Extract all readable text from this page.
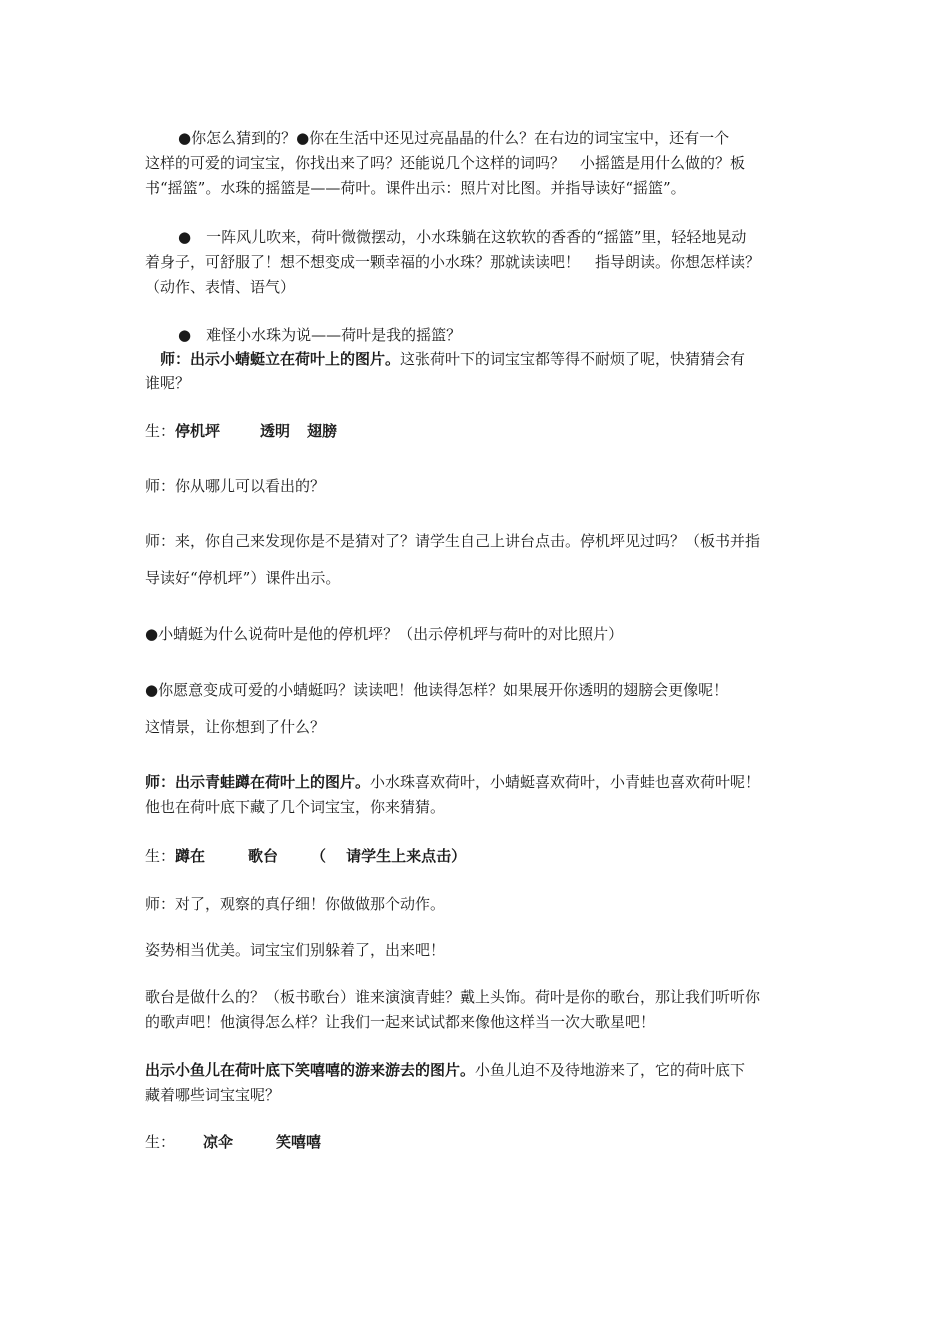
●你怎么猜到的？●你在生活中还见过亮晶晶的什么？在右边的词宝宝中，还有一个
这样的可爱的词宝宝，你找出来了吗？还能说几个这样的词吗？　小摇篮是用什么做的？板
书“摇篮”。水珠的摇篮是——荷叶。课件出示：照片对比图。并指导读好“摇篮”。
●　一阵风儿吹来，荷叶微微摆动，小水珠躺在这软软的香香的“摇篮”里，轻轻地晃动
着身子，可舒服了！想不想变成一颗幸福的小水珠？那就读读吧！　指导朗读。你想怎样读？
（动作、表情、语气）
●　难怪小水珠为说——荷叶是我的摇篮？
师：出示小蜻蜓立在荷叶上的图片。这张荷叶下的词宝宝都等得不耐烦了呢，快猜猜会有
谁呢？
生：停机坪	透明 翅膀
师：你从哪儿可以看出的？
师：来，你自己来发现你是不是猜对了？请学生自己上讲台点击。停机坪见过吗？（板书并指
导读好“停机坪”）课件出示。
●小蜻蜓为什么说荷叶是他的停机坪？（出示停机坪与荷叶的对比照片）
●你愿意变成可爱的小蜻蜓吗？读读吧！他读得怎样？如果展开你透明的翅膀会更像呢！
这情景，让你想到了什么？
师：出示青蛙蹲在荷叶上的图片。小水珠喜欢荷叶，小蜻蜓喜欢荷叶，小青蛙也喜欢荷叶呢！
他也在荷叶底下藏了几个词宝宝，你来猜猜。
生：蹲在	歌台 （ 请学生上来点击）
师：对了，观察的真仔细！你做做那个动作。
姿势相当优美。词宝宝们别躲着了，出来吧！
歌台是做什么的？（板书歌台）谁来演演青蛙？戴上头饰。荷叶是你的歌台，那让我们听听你
的歌声吧！他演得怎么样？让我们一起来试试都来像他这样当一次大歌星吧！
出示小鱼儿在荷叶底下笑嘻嘻的游来游去的图片。小鱼儿迫不及待地游来了，它的荷叶底下
藏着哪些词宝宝呢？
生： 凉伞	笑嘻嘻
